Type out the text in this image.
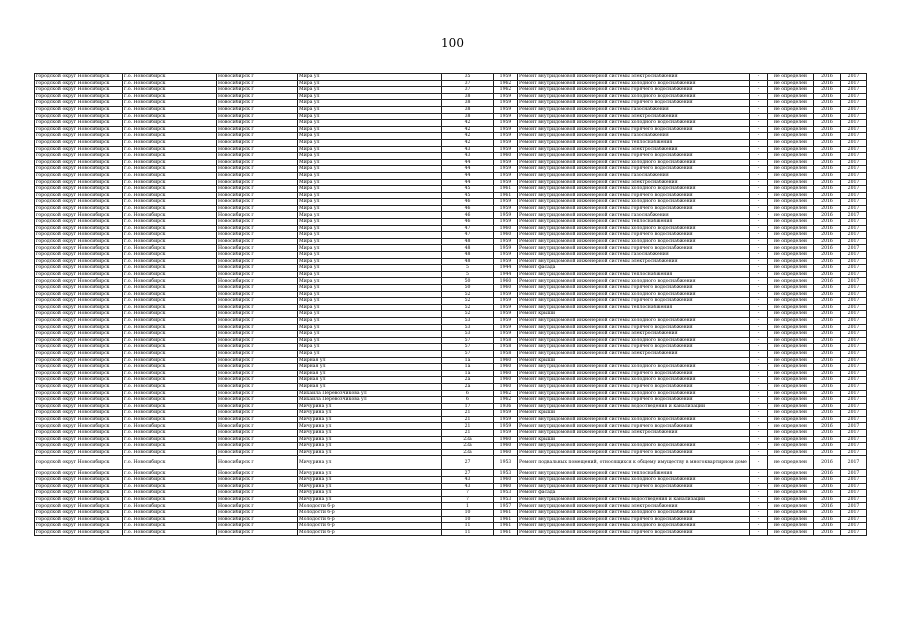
100
городской округ Новосибирск	г.о. Новосибирск	Новосибирск г	Мира ул	35	1959	Ремонт внутридомовой инженерной системы электроснабжения	-	не определен	2016	2017
городской округ Новосибирск	г.о. Новосибирск	Новосибирск г	Мира ул	37	1962	Ремонт внутридомовой инженерной системы холодного водоснабжения	-	не определен	2016	2017
городской округ Новосибирск	г.о. Новосибирск	Новосибирск г	Мира ул	37	1962	Ремонт внутридомовой инженерной системы горячего водоснабжения	-	не определен	2016	2017
городской округ Новосибирск	г.о. Новосибирск	Новосибирск г	Мира ул	38	1959	Ремонт внутридомовой инженерной системы холодного водоснабжения	-	не определен	2016	2017
городской округ Новосибирск	г.о. Новосибирск	Новосибирск г	Мира ул	38	1959	Ремонт внутридомовой инженерной системы горячего водоснабжения	-	не определен	2016	2017
городской округ Новосибирск	г.о. Новосибирск	Новосибирск г	Мира ул	38	1959	Ремонт внутридомовой инженерной системы газоснабжения	-	не определен	2016	2017
городской округ Новосибирск	г.о. Новосибирск	Новосибирск г	Мира ул	38	1959	Ремонт внутридомовой инженерной системы электроснабжения	-	не определен	2016	2017
городской округ Новосибирск	г.о. Новосибирск	Новосибирск г	Мира ул	42	1959	Ремонт внутридомовой инженерной системы холодного водоснабжения	-	не определен	2016	2017
городской округ Новосибирск	г.о. Новосибирск	Новосибирск г	Мира ул	42	1959	Ремонт внутридомовой инженерной системы горячего водоснабжения	-	не определен	2016	2017
городской округ Новосибирск	г.о. Новосибирск	Новосибирск г	Мира ул	42	1959	Ремонт внутридомовой инженерной системы газоснабжения	-	не определен	2016	2017
городской округ Новосибирск	г.о. Новосибирск	Новосибирск г	Мира ул	42	1959	Ремонт внутридомовой инженерной системы теплоснабжения	-	не определен	2016	2017
городской округ Новосибирск	г.о. Новосибирск	Новосибирск г	Мира ул	43	1959	Ремонт внутридомовой инженерной системы электроснабжения	-	не определен	2016	2017
городской округ Новосибирск	г.о. Новосибирск	Новосибирск г	Мира ул	43	1960	Ремонт внутридомовой инженерной системы горячего водоснабжения	-	не определен	2016	2017
городской округ Новосибирск	г.о. Новосибирск	Новосибирск г	Мира ул	44	1959	Ремонт внутридомовой инженерной системы холодного водоснабжения	-	не определен	2016	2017
городской округ Новосибирск	г.о. Новосибирск	Новосибирск г	Мира ул	44	1959	Ремонт внутридомовой инженерной системы горячего водоснабжения	-	не определен	2016	2017
городской округ Новосибирск	г.о. Новосибирск	Новосибирск г	Мира ул	44	1959	Ремонт внутридомовой инженерной системы газоснабжения	-	не определен	2016	2017
городской округ Новосибирск	г.о. Новосибирск	Новосибирск г	Мира ул	44	1959	Ремонт внутридомовой инженерной системы электроснабжения	-	не определен	2016	2017
городской округ Новосибирск	г.о. Новосибирск	Новосибирск г	Мира ул	45	1961	Ремонт внутридомовой инженерной системы холодного водоснабжения	-	не определен	2016	2017
городской округ Новосибирск	г.о. Новосибирск	Новосибирск г	Мира ул	45	1961	Ремонт внутридомовой инженерной системы горячего водоснабжения	-	не определен	2016	2017
городской округ Новосибирск	г.о. Новосибирск	Новосибирск г	Мира ул	46	1959	Ремонт внутридомовой инженерной системы холодного водоснабжения	-	не определен	2016	2017
городской округ Новосибирск	г.о. Новосибирск	Новосибирск г	Мира ул	46	1959	Ремонт внутридомовой инженерной системы горячего водоснабжения	-	не определен	2016	2017
городской округ Новосибирск	г.о. Новосибирск	Новосибирск г	Мира ул	46	1959	Ремонт внутридомовой инженерной системы газоснабжения	-	не определен	2016	2017
городской округ Новосибирск	г.о. Новосибирск	Новосибирск г	Мира ул	46	1959	Ремонт внутридомовой инженерной системы теплоснабжения	-	не определен	2016	2017
городской округ Новосибирск	г.о. Новосибирск	Новосибирск г	Мира ул	47	1960	Ремонт внутридомовой инженерной системы холодного водоснабжения	-	не определен	2016	2017
городской округ Новосибирск	г.о. Новосибирск	Новосибирск г	Мира ул	47	1960	Ремонт внутридомовой инженерной системы горячего водоснабжения	-	не определен	2016	2017
городской округ Новосибирск	г.о. Новосибирск	Новосибирск г	Мира ул	48	1959	Ремонт внутридомовой инженерной системы холодного водоснабжения	-	не определен	2016	2017
городской округ Новосибирск	г.о. Новосибирск	Новосибирск г	Мира ул	48	1959	Ремонт внутридомовой инженерной системы горячего водоснабжения	-	не определен	2016	2017
городской округ Новосибирск	г.о. Новосибирск	Новосибирск г	Мира ул	48	1959	Ремонт внутридомовой инженерной системы газоснабжения	-	не определен	2016	2017
городской округ Новосибирск	г.о. Новосибирск	Новосибирск г	Мира ул	48	1959	Ремонт внутридомовой инженерной системы электроснабжения	-	не определен	2016	2017
городской округ Новосибирск	г.о. Новосибирск	Новосибирск г	Мира ул	5	1944	Ремонт фасада	-	не определен	2016	2017
городской округ Новосибирск	г.о. Новосибирск	Новосибирск г	Мира ул	5	1944	Ремонт внутридомовой инженерной системы теплоснабжения	-	не определен	2016	2017
городской округ Новосибирск	г.о. Новосибирск	Новосибирск г	Мира ул	50	1960	Ремонт внутридомовой инженерной системы холодного водоснабжения	-	не определен	2016	2017
городской округ Новосибирск	г.о. Новосибирск	Новосибирск г	Мира ул	50	1960	Ремонт внутридомовой инженерной системы горячего водоснабжения	-	не определен	2016	2017
городской округ Новосибирск	г.о. Новосибирск	Новосибирск г	Мира ул	52	1959	Ремонт внутридомовой инженерной системы холодного водоснабжения	-	не определен	2016	2017
городской округ Новосибирск	г.о. Новосибирск	Новосибирск г	Мира ул	52	1959	Ремонт внутридомовой инженерной системы горячего водоснабжения	-	не определен	2016	2017
городской округ Новосибирск	г.о. Новосибирск	Новосибирск г	Мира ул	52	1959	Ремонт внутридомовой инженерной системы теплоснабжения	-	не определен	2016	2017
городской округ Новосибирск	г.о. Новосибирск	Новосибирск г	Мира ул	52	1959	Ремонт крыши	-	не определен	2016	2017
городской округ Новосибирск	г.о. Новосибирск	Новосибирск г	Мира ул	53	1959	Ремонт внутридомовой инженерной системы холодного водоснабжения	-	не определен	2016	2017
городской округ Новосибирск	г.о. Новосибирск	Новосибирск г	Мира ул	53	1959	Ремонт внутридомовой инженерной системы горячего водоснабжения	-	не определен	2016	2017
городской округ Новосибирск	г.о. Новосибирск	Новосибирск г	Мира ул	53	1959	Ремонт внутридомовой инженерной системы электроснабжения	-	не определен	2016	2017
городской округ Новосибирск	г.о. Новосибирск	Новосибирск г	Мира ул	57	1958	Ремонт внутридомовой инженерной системы холодного водоснабжения	-	не определен	2016	2017
городской округ Новосибирск	г.о. Новосибирск	Новосибирск г	Мира ул	57	1958	Ремонт внутридомовой инженерной системы горячего водоснабжения	-	не определен	2016	2017
городской округ Новосибирск	г.о. Новосибирск	Новосибирск г	Мира ул	57	1958	Ремонт внутридомовой инженерной системы электроснабжения	-	не определен	2016	2017
городской округ Новосибирск	г.о. Новосибирск	Новосибирск г	Мирная ул	1а	1960	Ремонт крыши	-	не определен	2016	2017
городской округ Новосибирск	г.о. Новосибирск	Новосибирск г	Мирная ул	1а	1960	Ремонт внутридомовой инженерной системы холодного водоснабжения	-	не определен	2016	2017
городской округ Новосибирск	г.о. Новосибирск	Новосибирск г	Мирная ул	1а	1960	Ремонт внутридомовой инженерной системы горячего водоснабжения	-	не определен	2016	2017
городской округ Новосибирск	г.о. Новосибирск	Новосибирск г	Мирная ул	2а	1960	Ремонт внутридомовой инженерной системы холодного водоснабжения	-	не определен	2016	2017
городской округ Новосибирск	г.о. Новосибирск	Новосибирск г	Мирная ул	2а	1960	Ремонт внутридомовой инженерной системы горячего водоснабжения	-	не определен	2016	2017
городской округ Новосибирск	г.о. Новосибирск	Новосибирск г	Михаила Перевозчикова ул	6	1962	Ремонт внутридомовой инженерной системы холодного водоснабжения	-	не определен	2016	2017
городской округ Новосибирск	г.о. Новосибирск	Новосибирск г	Михаила Перевозчикова ул	6	1962	Ремонт внутридомовой инженерной системы горячего водоснабжения	-	не определен	2016	2017
городской округ Новосибирск	г.о. Новосибирск	Новосибирск г	Мичурина ул	17	1936	Ремонт внутридомовой инженерной системы водоотведения и канализации	-	не определен	2016	2017
городской округ Новосибирск	г.о. Новосибирск	Новосибирск г	Мичурина ул	21	1959	Ремонт крыши	-	не определен	2016	2017
городской округ Новосибирск	г.о. Новосибирск	Новосибирск г	Мичурина ул	21	1959	Ремонт внутридомовой инженерной системы холодного водоснабжения	-	не определен	2016	2017
городской округ Новосибирск	г.о. Новосибирск	Новосибирск г	Мичурина ул	21	1959	Ремонт внутридомовой инженерной системы горячего водоснабжения	-	не определен	2016	2017
городской округ Новосибирск	г.о. Новосибирск	Новосибирск г	Мичурина ул	21	1959	Ремонт внутридомовой инженерной системы электроснабжения	-	не определен	2016	2017
городской округ Новосибирск	г.о. Новосибирск	Новосибирск г	Мичурина ул	23а	1960	Ремонт крыши	-	не определен	2016	2017
городской округ Новосибирск	г.о. Новосибирск	Новосибирск г	Мичурина ул	23а	1960	Ремонт внутридомовой инженерной системы холодного водоснабжения	-	не определен	2016	2017
городской округ Новосибирск	г.о. Новосибирск	Новосибирск г	Мичурина ул	23а	1960	Ремонт внутридомовой инженерной системы горячего водоснабжения	-	не определен	2016	2017
городской округ Новосибирск	г.о. Новосибирск	Новосибирск г	Мичурина ул	27	1953	Ремонт подвальных помещений, относящихся к общему имуществу в многоквартирном доме	-	не определен	2016	2017
городской округ Новосибирск	г.о. Новосибирск	Новосибирск г	Мичурина ул	27	1953	Ремонт внутридомовой инженерной системы теплоснабжения	-	не определен	2016	2017
городской округ Новосибирск	г.о. Новосибирск	Новосибирск г	Мичурина ул	43	1960	Ремонт внутридомовой инженерной системы холодного водоснабжения	-	не определен	2016	2017
городской округ Новосибирск	г.о. Новосибирск	Новосибирск г	Мичурина ул	43	1960	Ремонт внутридомовой инженерной системы горячего водоснабжения	-	не определен	2016	2017
городской округ Новосибирск	г.о. Новосибирск	Новосибирск г	Мичурина ул	7	1953	Ремонт фасада	-	не определен	2016	2017
городской округ Новосибирск	г.о. Новосибирск	Новосибирск г	Мичурина ул	7	1953	Ремонт внутридомовой инженерной системы водоотведения и канализации	-	не определен	2016	2017
городской округ Новосибирск	г.о. Новосибирск	Новосибирск г	Молодости б-р	1	1957	Ремонт внутридомовой инженерной системы электроснабжения	-	не определен	2016	2017
городской округ Новосибирск	г.о. Новосибирск	Новосибирск г	Молодости б-р	10	1961	Ремонт внутридомовой инженерной системы холодного водоснабжения	-	не определен	2016	2017
городской округ Новосибирск	г.о. Новосибирск	Новосибирск г	Молодости б-р	10	1961	Ремонт внутридомовой инженерной системы горячего водоснабжения	-	не определен	2016	2017
городской округ Новосибирск	г.о. Новосибирск	Новосибирск г	Молодости б-р	11	1961	Ремонт внутридомовой инженерной системы холодного водоснабжения	-	не определен	2016	2017
городской округ Новосибирск	г.о. Новосибирск	Новосибирск г	Молодости б-р	11	1961	Ремонт внутридомовой инженерной системы горячего водоснабжения	-	не определен	2016	2017
